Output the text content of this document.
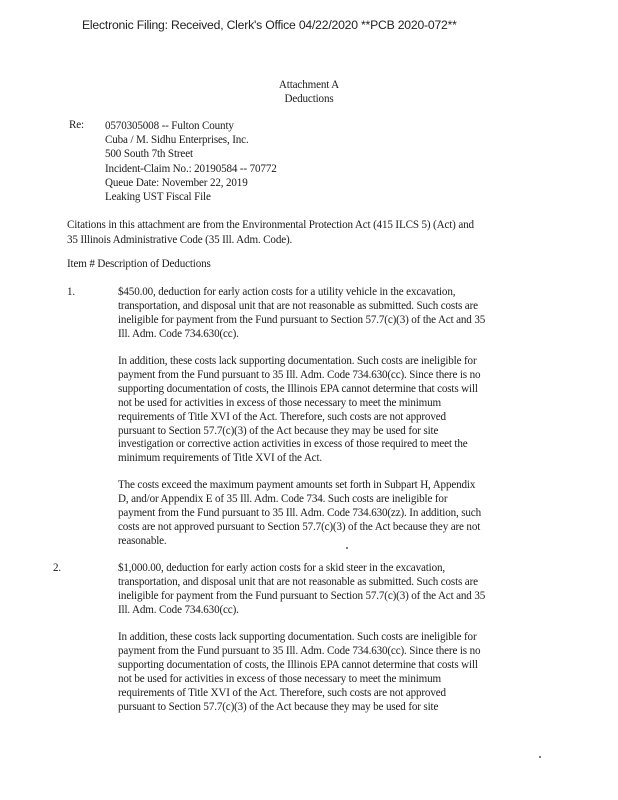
Electronic Filing: Received, Clerk's Office 04/22/2020 **PCB 2020-072**
Attachment A
Deductions
Re: 0570305008 -- Fulton County
Cuba / M. Sidhu Enterprises, Inc.
500 South 7th Street
Incident-Claim No.: 20190584 -- 70772
Queue Date: November 22, 2019
Leaking UST Fiscal File
Citations in this attachment are from the Environmental Protection Act (415 ILCS 5) (Act) and
35 Illinois Administrative Code (35 Ill. Adm. Code).
Item # Description of Deductions
1.	$450.00, deduction for early action costs for a utility vehicle in the excavation,
transportation, and disposal unit that are not reasonable as submitted. Such costs are
ineligible for payment from the Fund pursuant to Section 57.7(c)(3) of the Act and 35
Ill. Adm. Code 734.630(cc).
In addition, these costs lack supporting documentation. Such costs are ineligible for
payment from the Fund pursuant to 35 Ill. Adm. Code 734.630(cc). Since there is no
supporting documentation of costs, the Illinois EPA cannot determine that costs will
not be used for activities in excess of those necessary to meet the minimum
requirements of Title XVI of the Act. Therefore, such costs are not approved
pursuant to Section 57.7(c)(3) of the Act because they may be used for site
investigation or corrective action activities in excess of those required to meet the
minimum requirements of Title XVI of the Act.
The costs exceed the maximum payment amounts set forth in Subpart H, Appendix
D, and/or Appendix E of 35 Ill. Adm. Code 734. Such costs are ineligible for
payment from the Fund pursuant to 35 Ill. Adm. Code 734.630(zz). In addition, such
costs are not approved pursuant to Section 57.7(c)(3) of the Act because they are not
reasonable.
2.	$1,000.00, deduction for early action costs for a skid steer in the excavation,
transportation, and disposal unit that are not reasonable as submitted. Such costs are
ineligible for payment from the Fund pursuant to Section 57.7(c)(3) of the Act and 35
Ill. Adm. Code 734.630(cc).
In addition, these costs lack supporting documentation. Such costs are ineligible for
payment from the Fund pursuant to 35 Ill. Adm. Code 734.630(cc). Since there is no
supporting documentation of costs, the Illinois EPA cannot determine that costs will
not be used for activities in excess of those necessary to meet the minimum
requirements of Title XVI of the Act. Therefore, such costs are not approved
pursuant to Section 57.7(c)(3) of the Act because they may be used for site
